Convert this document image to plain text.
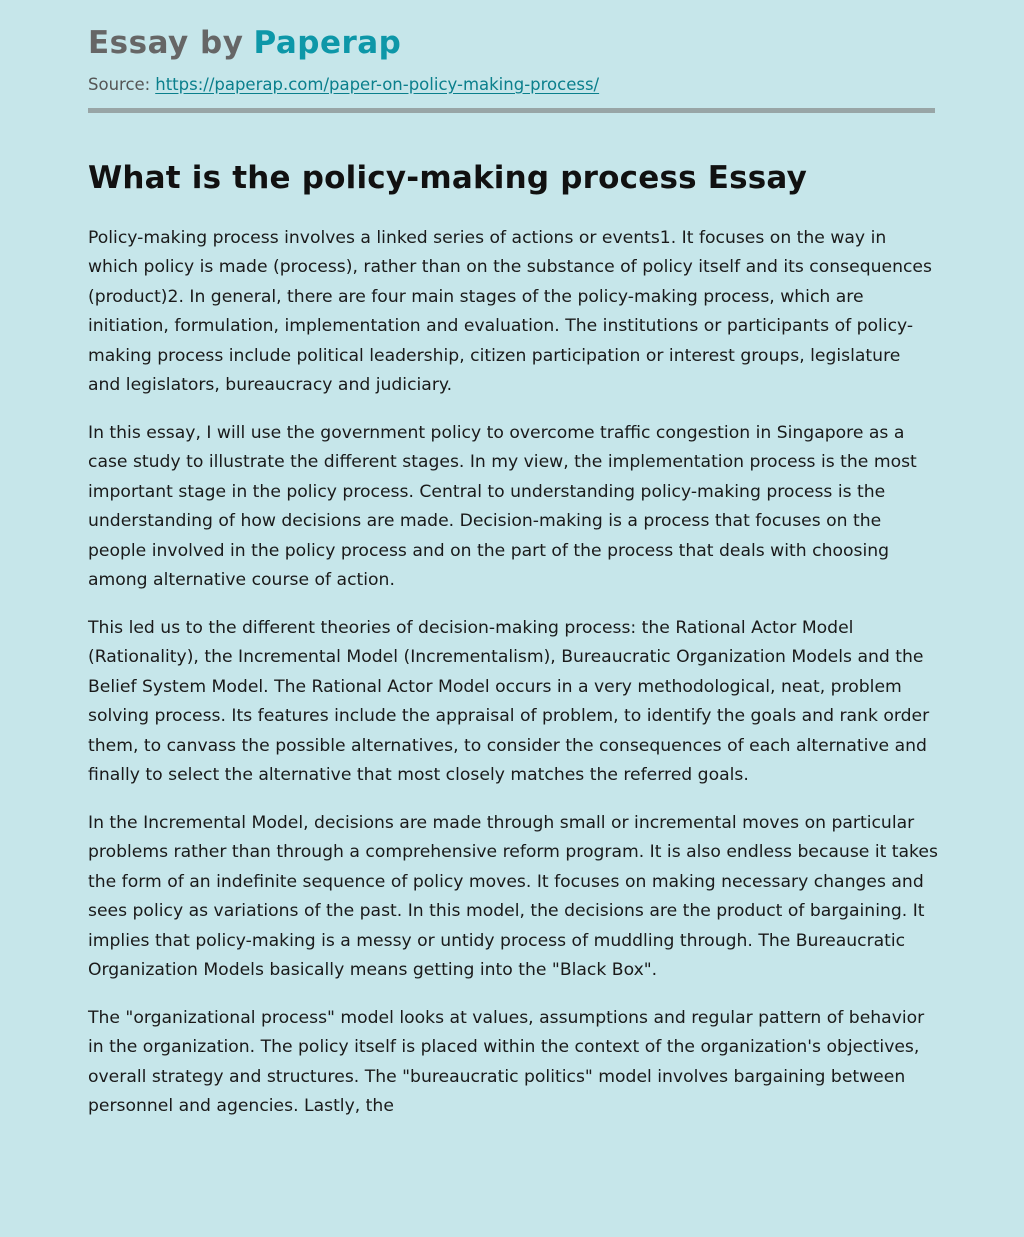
Essay by Paperap
Source: https://paperap.com/paper-on-policy-making-process/
What is the policy-making process Essay

Policy-making process involves a linked series of actions or events1. It focuses on the way in which policy is made (process), rather than on the substance of policy itself and its consequences (product)2. In general, there are four main stages of the policy-making process, which are initiation, formulation, implementation and evaluation. The institutions or participants of policy-making process include political leadership, citizen participation or interest groups, legislature and legislators, bureaucracy and judiciary.

In this essay, I will use the government policy to overcome traffic congestion in Singapore as a case study to illustrate the different stages. In my view, the implementation process is the most important stage in the policy process. Central to understanding policy-making process is the understanding of how decisions are made. Decision-making is a process that focuses on the people involved in the policy process and on the part of the process that deals with choosing among alternative course of action.

This led us to the different theories of decision-making process: the Rational Actor Model (Rationality), the Incremental Model (Incrementalism), Bureaucratic Organization Models and the Belief System Model. The Rational Actor Model occurs in a very methodological, neat, problem solving process. Its features include the appraisal of problem, to identify the goals and rank order them, to canvass the possible alternatives, to consider the consequences of each alternative and finally to select the alternative that most closely matches the referred goals.

In the Incremental Model, decisions are made through small or incremental moves on particular problems rather than through a comprehensive reform program. It is also endless because it takes the form of an indefinite sequence of policy moves. It focuses on making necessary changes and sees policy as variations of the past. In this model, the decisions are the product of bargaining. It implies that policy-making is a messy or untidy process of muddling through. The Bureaucratic Organization Models basically means getting into the "Black Box".

The "organizational process" model looks at values, assumptions and regular pattern of behavior in the organization. The policy itself is placed within the context of the organization's objectives, overall strategy and structures. The "bureaucratic politics" model involves bargaining between personnel and agencies. Lastly, the
